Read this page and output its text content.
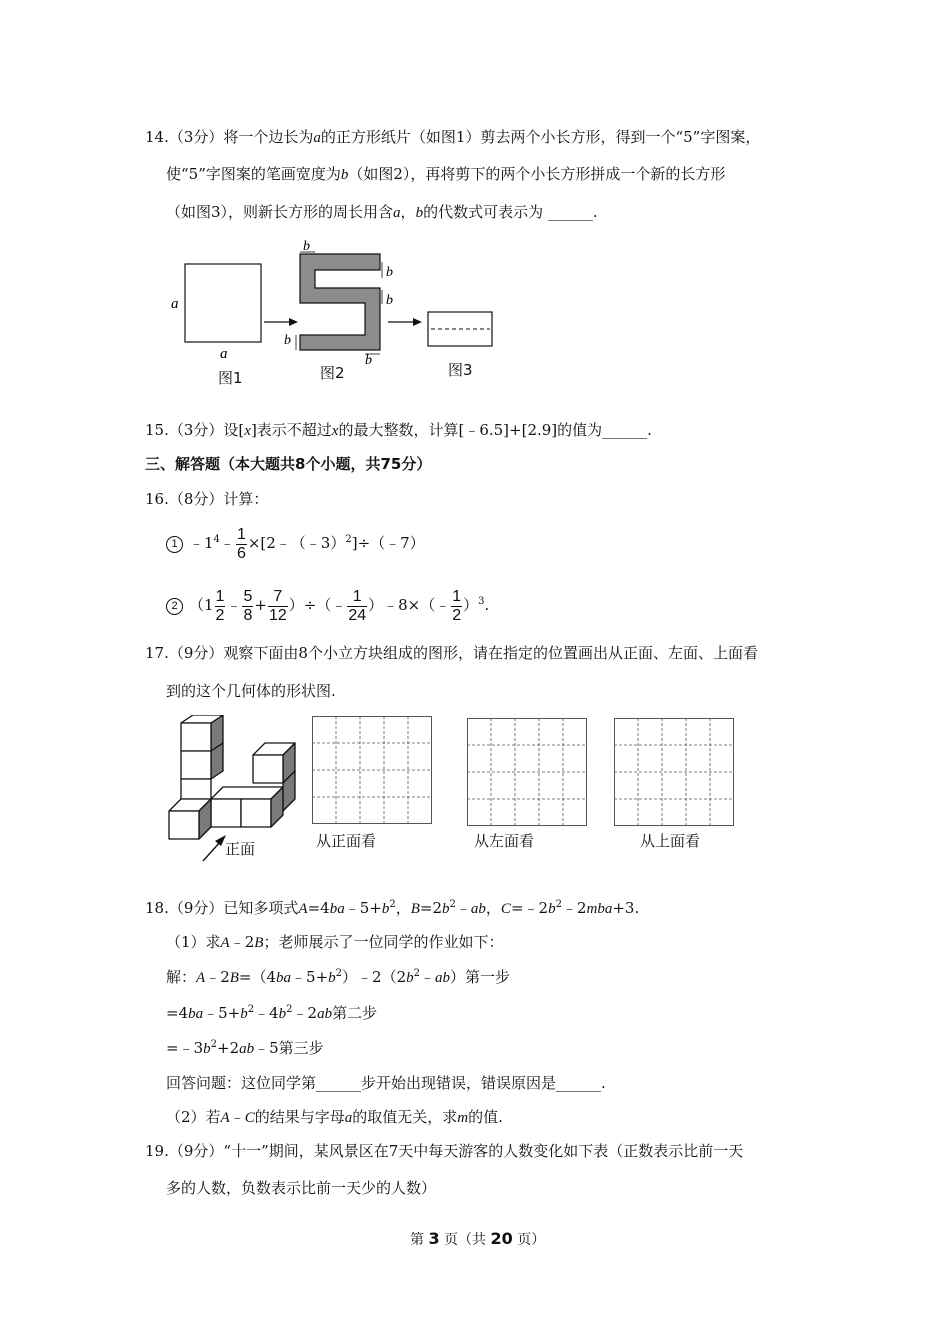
14.（3分）将一个边长为a的正方形纸片（如图1）剪去两个小长方形，得到一个“5”字图案，
使“5”字图案的笔画宽度为b（如图2），再将剪下的两个小长方形拼成一个新的长方形
（如图3），则新长方形的周长用含a，b的代数式可表示为 ______.
a
a
b
b
b
b
b
图1	图2	图3
15.（3分）设[x]表示不超过x的最大整数，计算[﹣6.5]+[2.9]的值为______.
三、解答题（本大题共8个小题，共75分）
16.（8分）计算：
1 $﹣1^4﹣ \frac{1}{6}$ ×[2﹣（﹣3）$^2$]÷（﹣7）
2 （$1 \frac{1}{2}$ ﹣ $\frac{5}{8} + \frac{7}{12}$ ）÷（﹣ $\frac{1}{24}$ ）﹣8×（﹣ $\frac{1}{2} )^3$.
17.（9分）观察下面由8个小立方块组成的图形，请在指定的位置画出从正面、左面、上面看
到的这个几何体的形状图.
正面	从正面看	从左面看	从上面看
18.（9分）已知多项式$A=4ba﹣5+b^2$，$B=2b^2﹣ab$，$C=﹣2b^2﹣2mba+3$.
（1）求A﹣2B；老师展示了一位同学的作业如下：
解：$A﹣2B=(4ba﹣5+b^2)﹣2(2b^2﹣ab)$第一步
$=4ba﹣5+b^2﹣4b^2﹣2ab$第二步
$=﹣3b^2+2ab﹣5$第三步
回答问题：这位同学第______步开始出现错误，错误原因是______.
（2）若A﹣C的结果与字母a的取值无关，求m的值.
19.（9分）“十一”期间，某风景区在7天中每天游客的人数变化如下表（正数表示比前一天
多的人数，负数表示比前一天少的人数）
第 3 页（共 20 页）
